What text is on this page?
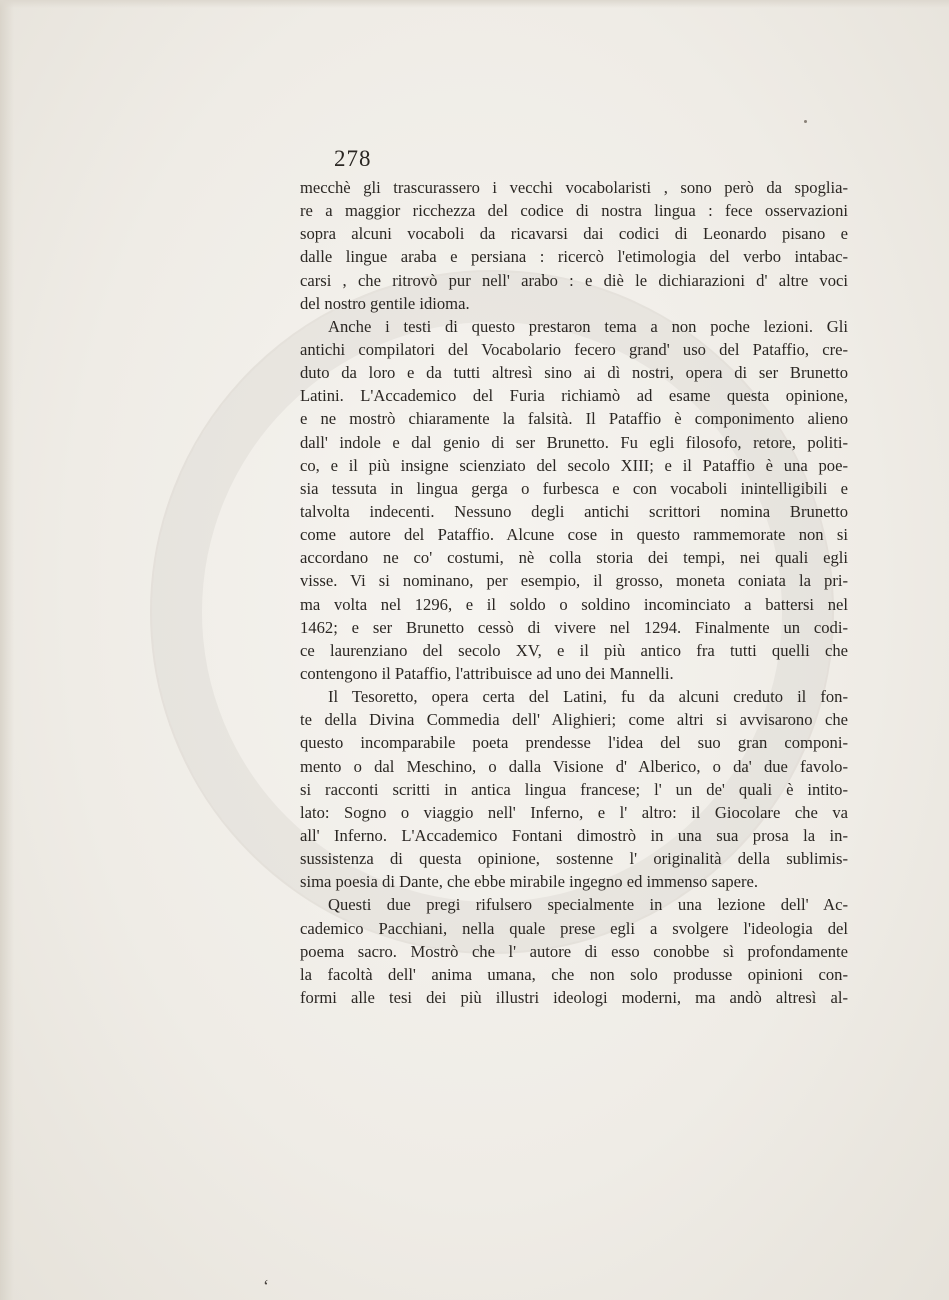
278
mecchè gli trascurassero i vecchi vocabolaristi , sono però da spoglia-
re a maggior ricchezza del codice di nostra lingua : fece osservazioni
sopra alcuni vocaboli da ricavarsi dai codici di Leonardo pisano e
dalle lingue araba e persiana : ricercò l'etimologia del verbo intabac-
carsi , che ritrovò pur nell' arabo : e diè le dichiarazioni d' altre voci
del nostro gentile idioma.
Anche i testi di questo prestaron tema a non poche lezioni. Gli
antichi compilatori del Vocabolario fecero grand' uso del Pataffio, cre-
duto da loro e da tutti altresì sino ai dì nostri, opera di ser Brunetto
Latini. L'Accademico del Furia richiamò ad esame questa opinione,
e ne mostrò chiaramente la falsità. Il Pataffio è componimento alieno
dall' indole e dal genio di ser Brunetto. Fu egli filosofo, retore, politi-
co, e il più insigne scienziato del secolo XIII; e il Pataffio è una poe-
sia tessuta in lingua gerga o furbesca e con vocaboli inintelligibili e
talvolta indecenti. Nessuno degli antichi scrittori nomina Brunetto
come autore del Pataffio. Alcune cose in questo rammemorate non si
accordano ne co' costumi, nè colla storia dei tempi, nei quali egli
visse. Vi si nominano, per esempio, il grosso, moneta coniata la pri-
ma volta nel 1296, e il soldo o soldino incominciato a battersi nel
1462; e ser Brunetto cessò di vivere nel 1294. Finalmente un codi-
ce laurenziano del secolo XV, e il più antico fra tutti quelli che
contengono il Pataffio, l'attribuisce ad uno dei Mannelli.
Il Tesoretto, opera certa del Latini, fu da alcuni creduto il fon-
te della Divina Commedia dell' Alighieri; come altri si avvisarono che
questo incomparabile poeta prendesse l'idea del suo gran componi-
mento o dal Meschino, o dalla Visione d' Alberico, o da' due favolo-
si racconti scritti in antica lingua francese; l' un de' quali è intito-
lato: Sogno o viaggio nell' Inferno, e l' altro: il Giocolare che va
all' Inferno. L'Accademico Fontani dimostrò in una sua prosa la in-
sussistenza di questa opinione, sostenne l' originalità della sublimis-
sima poesia di Dante, che ebbe mirabile ingegno ed immenso sapere.
Questi due pregi rifulsero specialmente in una lezione dell' Ac-
cademico Pacchiani, nella quale prese egli a svolgere l'ideologia del
poema sacro. Mostrò che l' autore di esso conobbe sì profondamente
la facoltà dell' anima umana, che non solo produsse opinioni con-
formi alle tesi dei più illustri ideologi moderni, ma andò altresì al-
‘
